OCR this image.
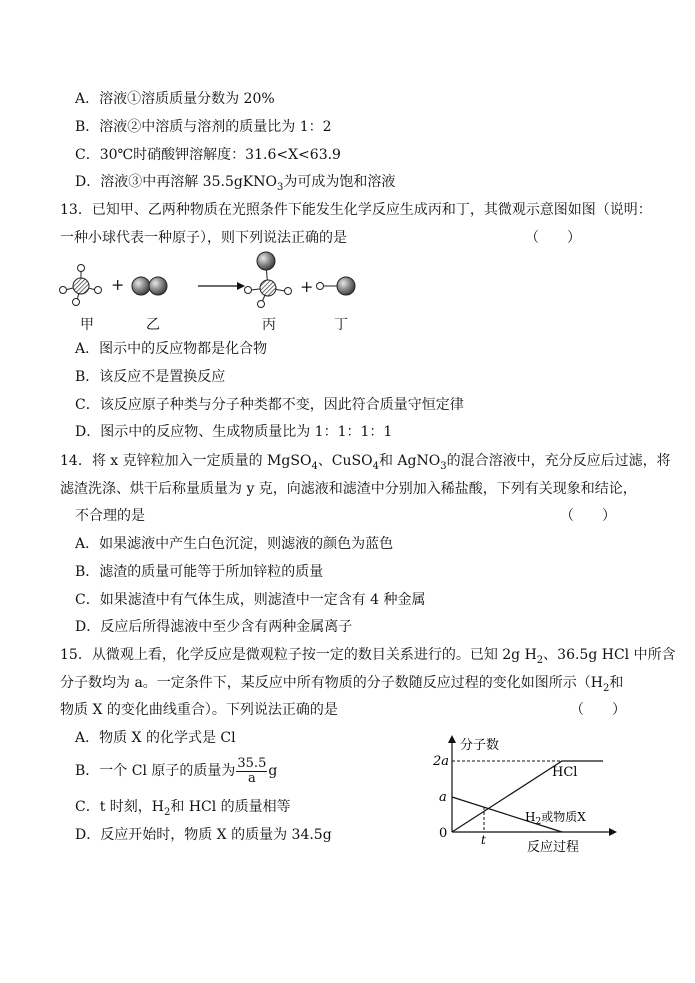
A．溶液①溶质质量分数为 20%
B．溶液②中溶质与溶剂的质量比为 1：2
C．30℃时硝酸钾溶解度：31.6<X<63.9
D．溶液③中再溶解 35.5gKNO$_3$为可成为饱和溶液
13．已知甲、乙两种物质在光照条件下能发生化学反应生成丙和丁，其微观示意图如图（说明：
一种小球代表一种原子），则下列说法正确的是	（　　）
+	+
甲	乙	丙	丁
A．图示中的反应物都是化合物
B．该反应不是置换反应
C．该反应原子种类与分子种类都不变，因此符合质量守恒定律
D．图示中的反应物、生成物质量比为 1：1：1：1
14．将 x 克锌粒加入一定质量的 MgSO$_4$、CuSO$_4$和 AgNO$_3$的混合溶液中，充分反应后过滤，将
滤渣洗涤、烘干后称量质量为 y 克，向滤液和滤渣中分别加入稀盐酸，下列有关现象和结论，
不合理的是	（　　）
A．如果滤液中产生白色沉淀，则滤液的颜色为蓝色
B．滤渣的质量可能等于所加锌粒的质量
C．如果滤渣中有气体生成，则滤渣中一定含有 4 种金属
D．反应后所得滤液中至少含有两种金属离子
15．从微观上看，化学反应是微观粒子按一定的数目关系进行的。已知 2g $H_2$、36.5g HCl 中所含
分子数均为 a。一定条件下，某反应中所有物质的分子数随反应过程的变化如图所示（$H_2$和
物质 X 的变化曲线重合）。下列说法正确的是	（　　）
A．物质 X 的化学式是 Cl
B．一个 Cl 原子的质量为 $\frac{35.5}{a}$ g
C．t 时刻，$H_2$和 HCl 的质量相等
D．反应开始时，物质 X 的质量为 34.5g
分子数
2a
a
0	t
HCl
$H_2$或物质X
反应过程
